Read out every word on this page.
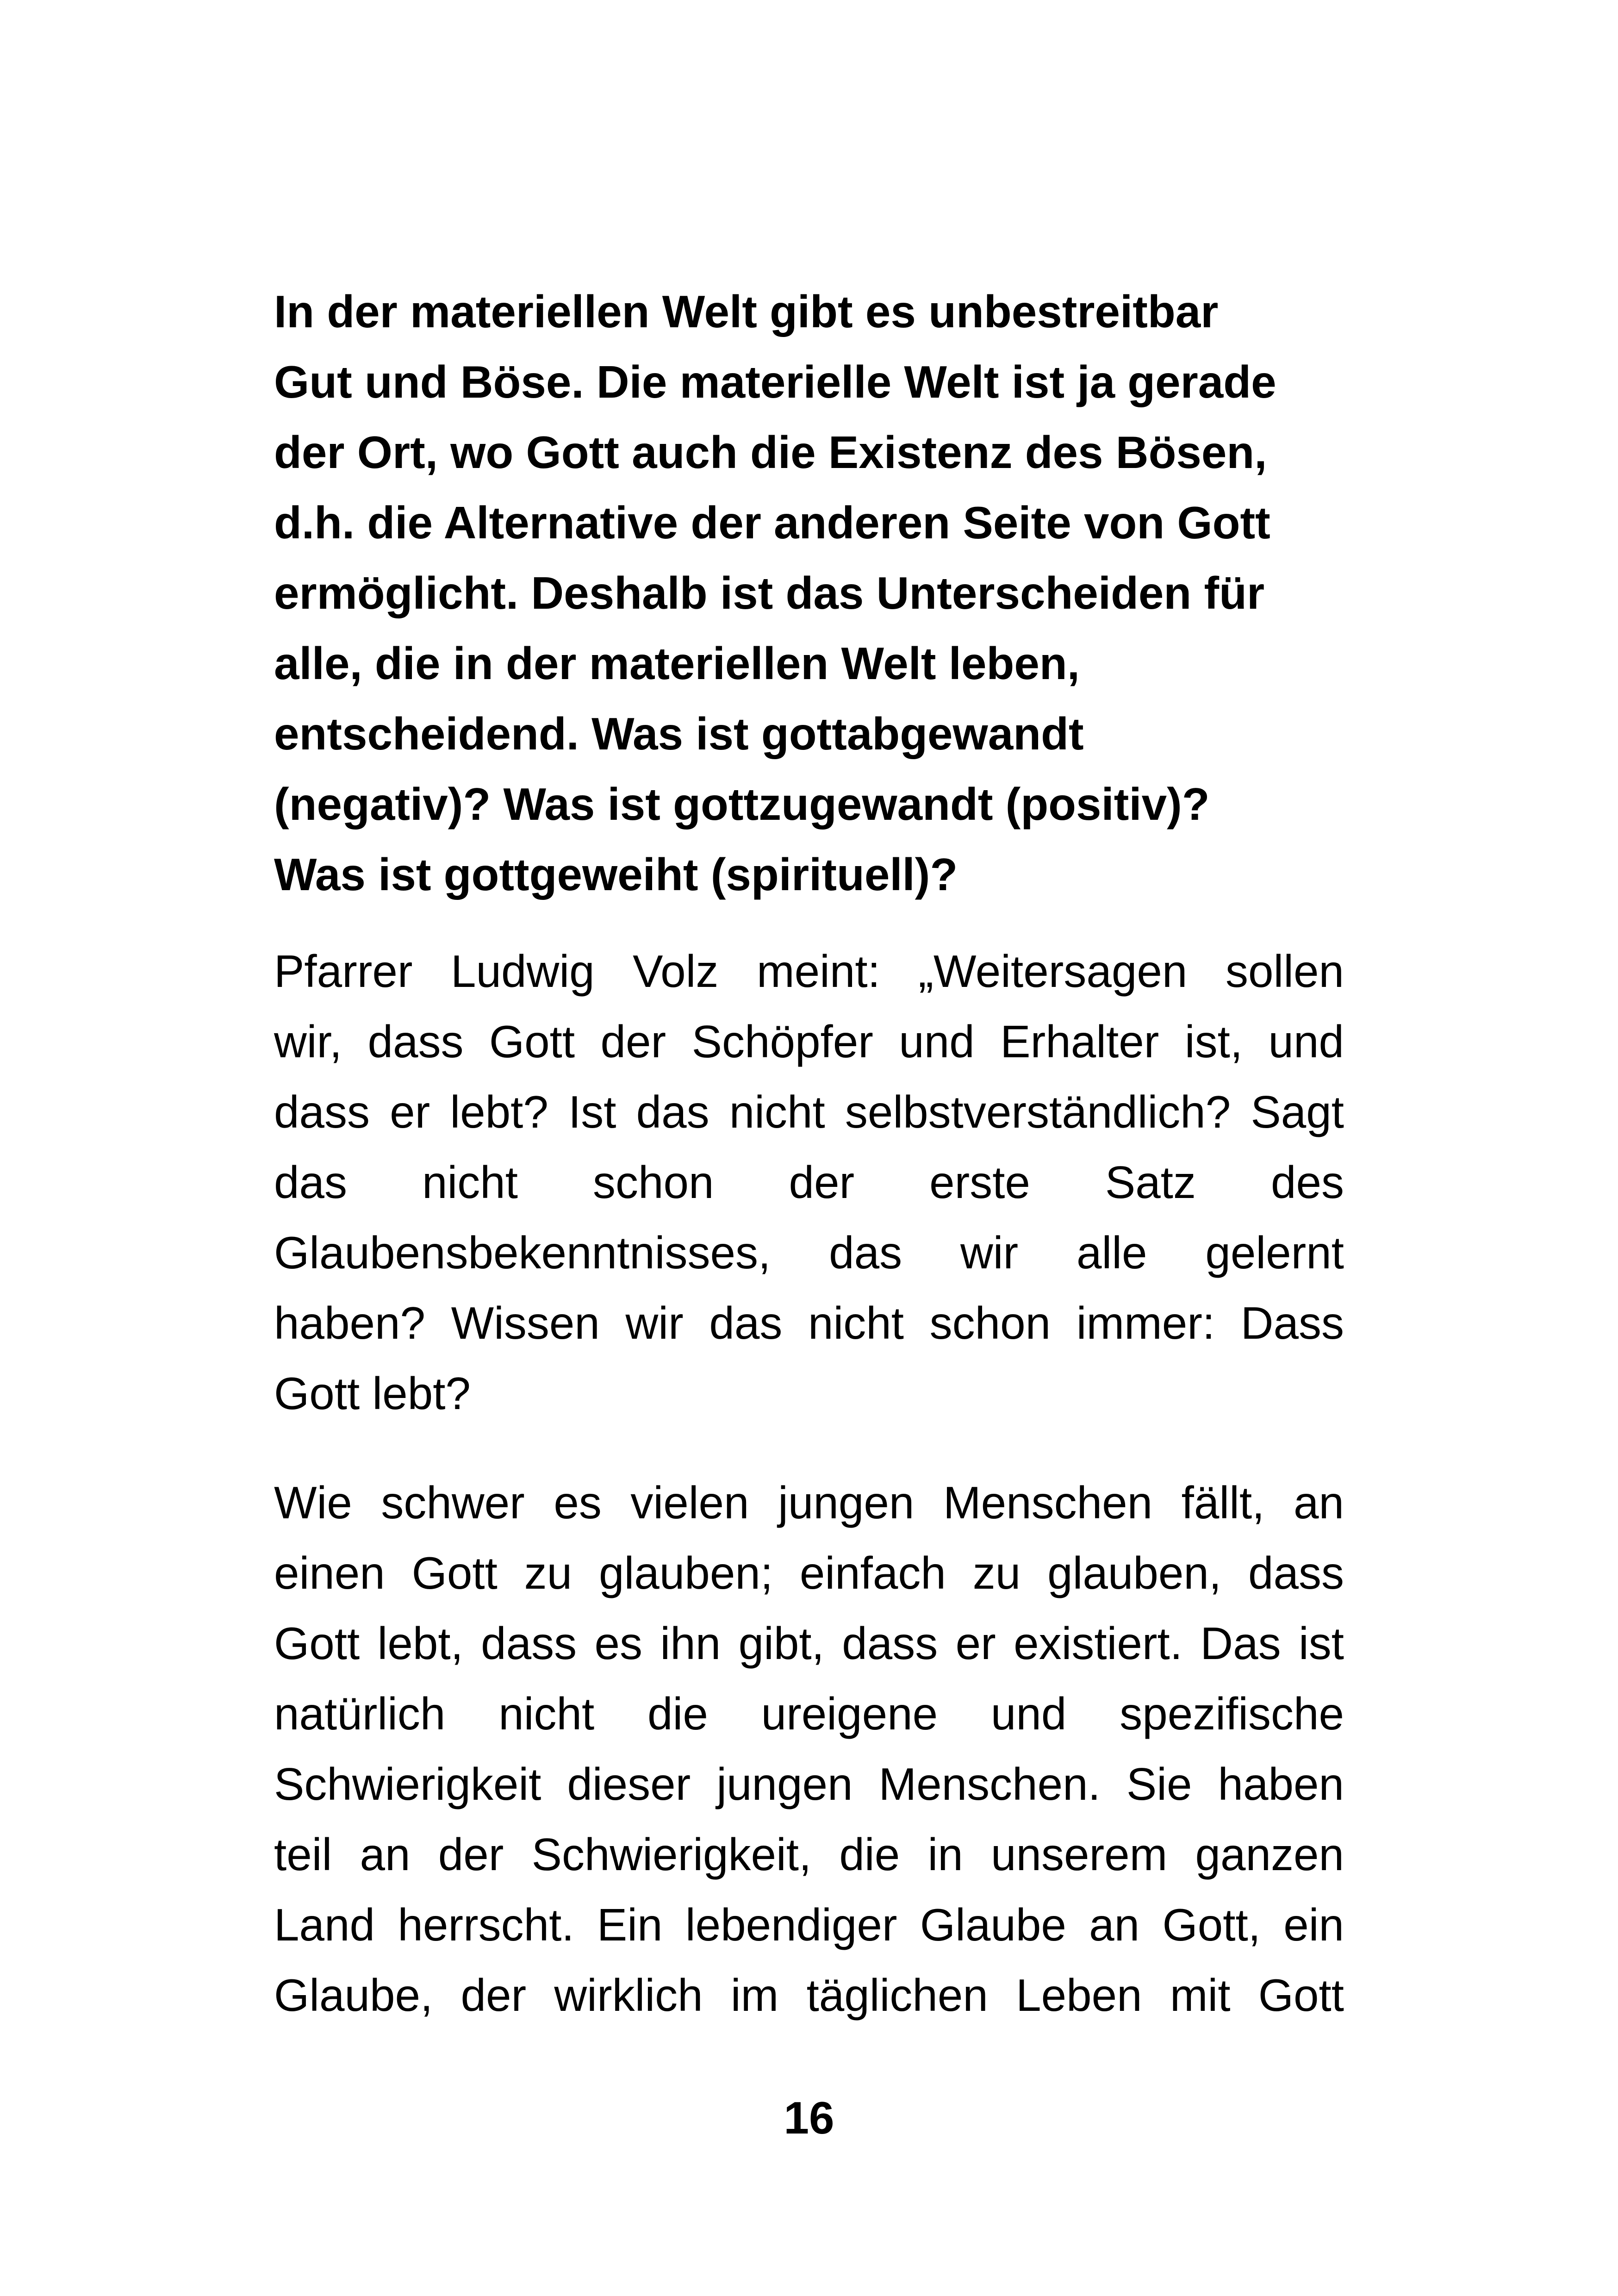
In der materiellen Welt gibt es unbestreitbar
Gut und Böse. Die materielle Welt ist ja gerade
der Ort, wo Gott auch die Existenz des Bösen,
d.h. die Alternative der anderen Seite von Gott
ermöglicht. Deshalb ist das Unterscheiden für
alle, die in der materiellen Welt leben,
entscheidend. Was ist gottabgewandt
(negativ)? Was ist gottzugewandt (positiv)?
Was ist gottgeweiht (spirituell)?
Pfarrer Ludwig Volz meint: „Weitersagen sollen
wir, dass Gott der Schöpfer und Erhalter ist, und
dass er lebt? Ist das nicht selbstverständlich? Sagt
das nicht schon der erste Satz des
Glaubensbekenntnisses, das wir alle gelernt
haben? Wissen wir das nicht schon immer: Dass
Gott lebt?
Wie schwer es vielen jungen Menschen fällt, an
einen Gott zu glauben; einfach zu glauben, dass
Gott lebt, dass es ihn gibt, dass er existiert. Das ist
natürlich nicht die ureigene und spezifische
Schwierigkeit dieser jungen Menschen. Sie haben
teil an der Schwierigkeit, die in unserem ganzen
Land herrscht. Ein lebendiger Glaube an Gott, ein
Glaube, der wirklich im täglichen Leben mit Gott
16
